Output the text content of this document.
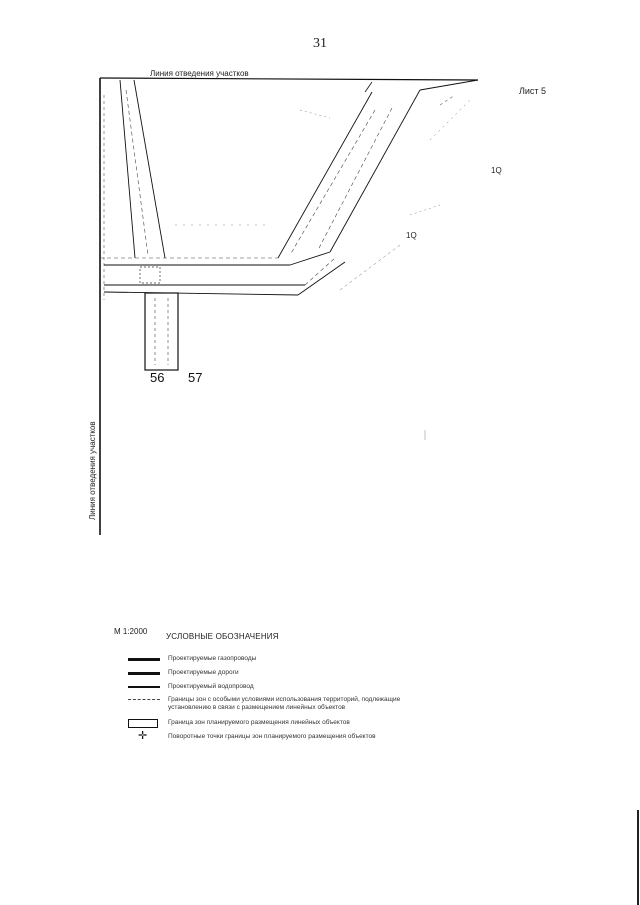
31
Линия отведения участков
Линия отведения участков
56 57
1Q
1Q
Лист 5
М 1:2000
УСЛОВНЫЕ ОБОЗНАЧЕНИЯ
Проектируемые газопроводы
Проектируемые дороги
Проектируемый водопровод
Границы зон с особыми условиями использования территорий, подлежащие установлению в связи с размещением линейных объектов
Граница зон планируемого размещения линейных объектов
✛	Поворотные точки границы зон планируемого размещения объектов
